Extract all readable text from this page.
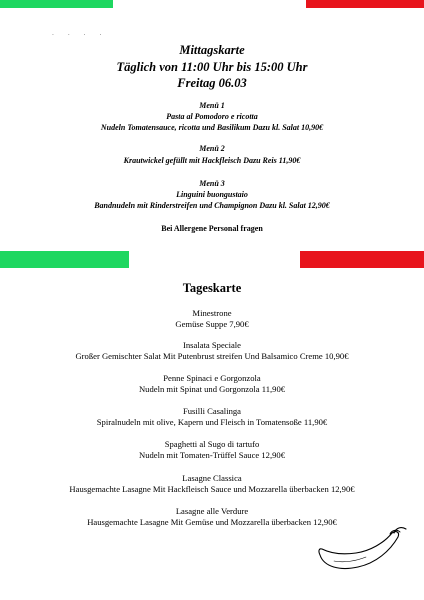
. . . .
Mittagskarte
Täglich von 11:00 Uhr bis 15:00 Uhr
Freitag 06.03
Menü 1
Pasta al Pomodoro e ricotta
Nudeln Tomatensauce, ricotta und Basilikum Dazu kl. Salat 10,90€
Menü 2
Krautwickel gefüllt mit Hackfleisch Dazu Reis 11,90€
Menü 3
Linguini buongustaio
Bandnudeln mit Rinderstreifen und Champignon Dazu kl. Salat 12,90€
Bei Allergene Personal fragen
Tageskarte
Minestrone
Gemüse Suppe 7,90€
Insalata Speciale
Großer Gemischter Salat Mit Putenbrust streifen Und Balsamico Creme 10,90€
Penne Spinaci e Gorgonzola
Nudeln mit Spinat und Gorgonzola 11,90€
Fusilli Casalinga
Spiralnudeln mit olive, Kapern und Fleisch in Tomatensoße 11,90€
Spaghetti al Sugo di tartufo
Nudeln mit Tomaten-Trüffel Sauce 12,90€
Lasagne Classica
Hausgemachte Lasagne Mit Hackfleisch Sauce und Mozzarella überbacken 12,90€
Lasagne alle Verdure
Hausgemachte Lasagne Mit Gemüse und Mozzarella überbacken 12,90€
